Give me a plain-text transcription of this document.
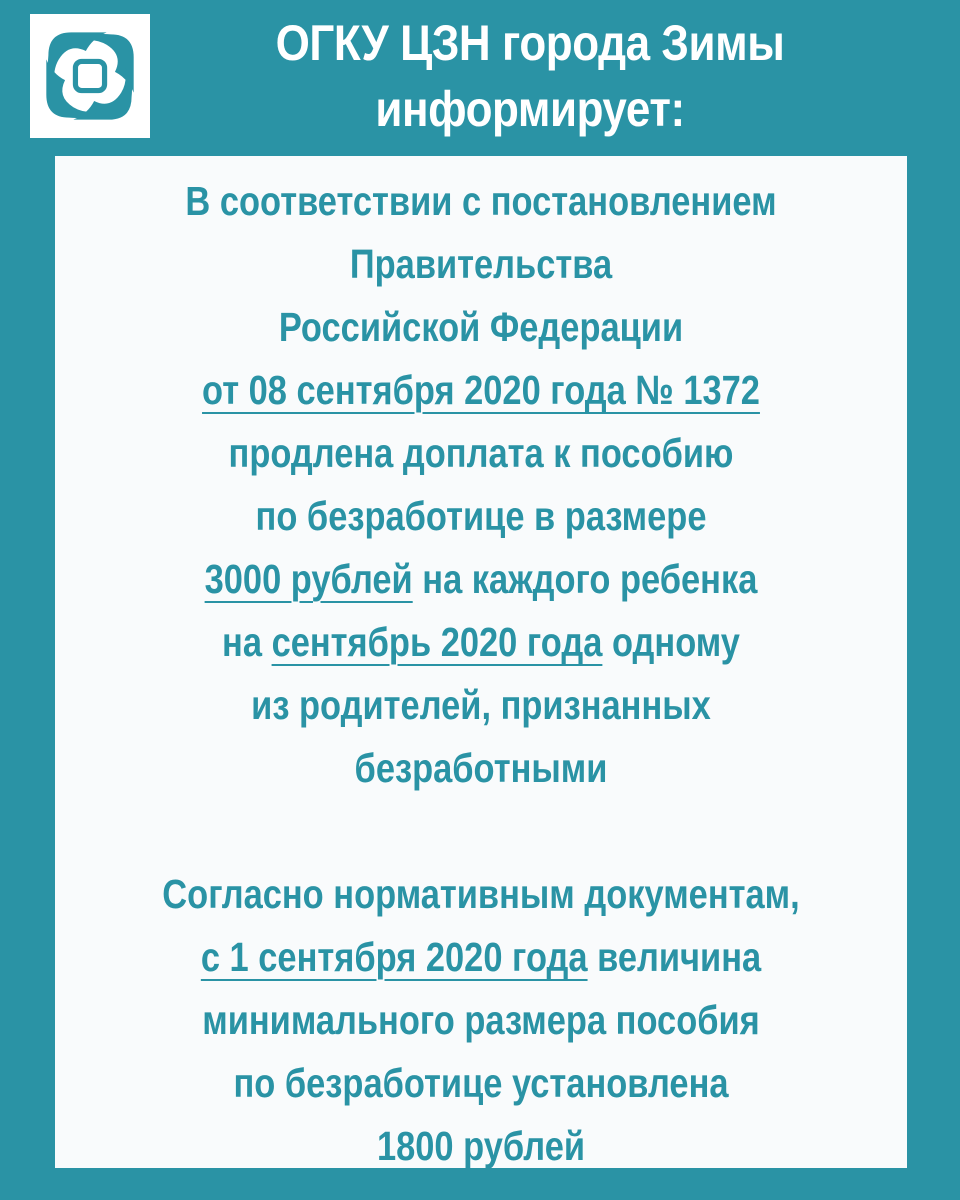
ОГКУ ЦЗН города Зимы
информирует:
В соответствии с постановлением
Правительства
Российской Федерации
от 08 сентября 2020 года № 1372
продлена доплата к пособию
по безработице в размере
3000 рублей на каждого ребенка
на сентябрь 2020 года одному
из родителей, признанных
безработными
Согласно нормативным документам,
с 1 сентября 2020 года величина
минимального размера пособия
по безработице установлена
1800 рублей
